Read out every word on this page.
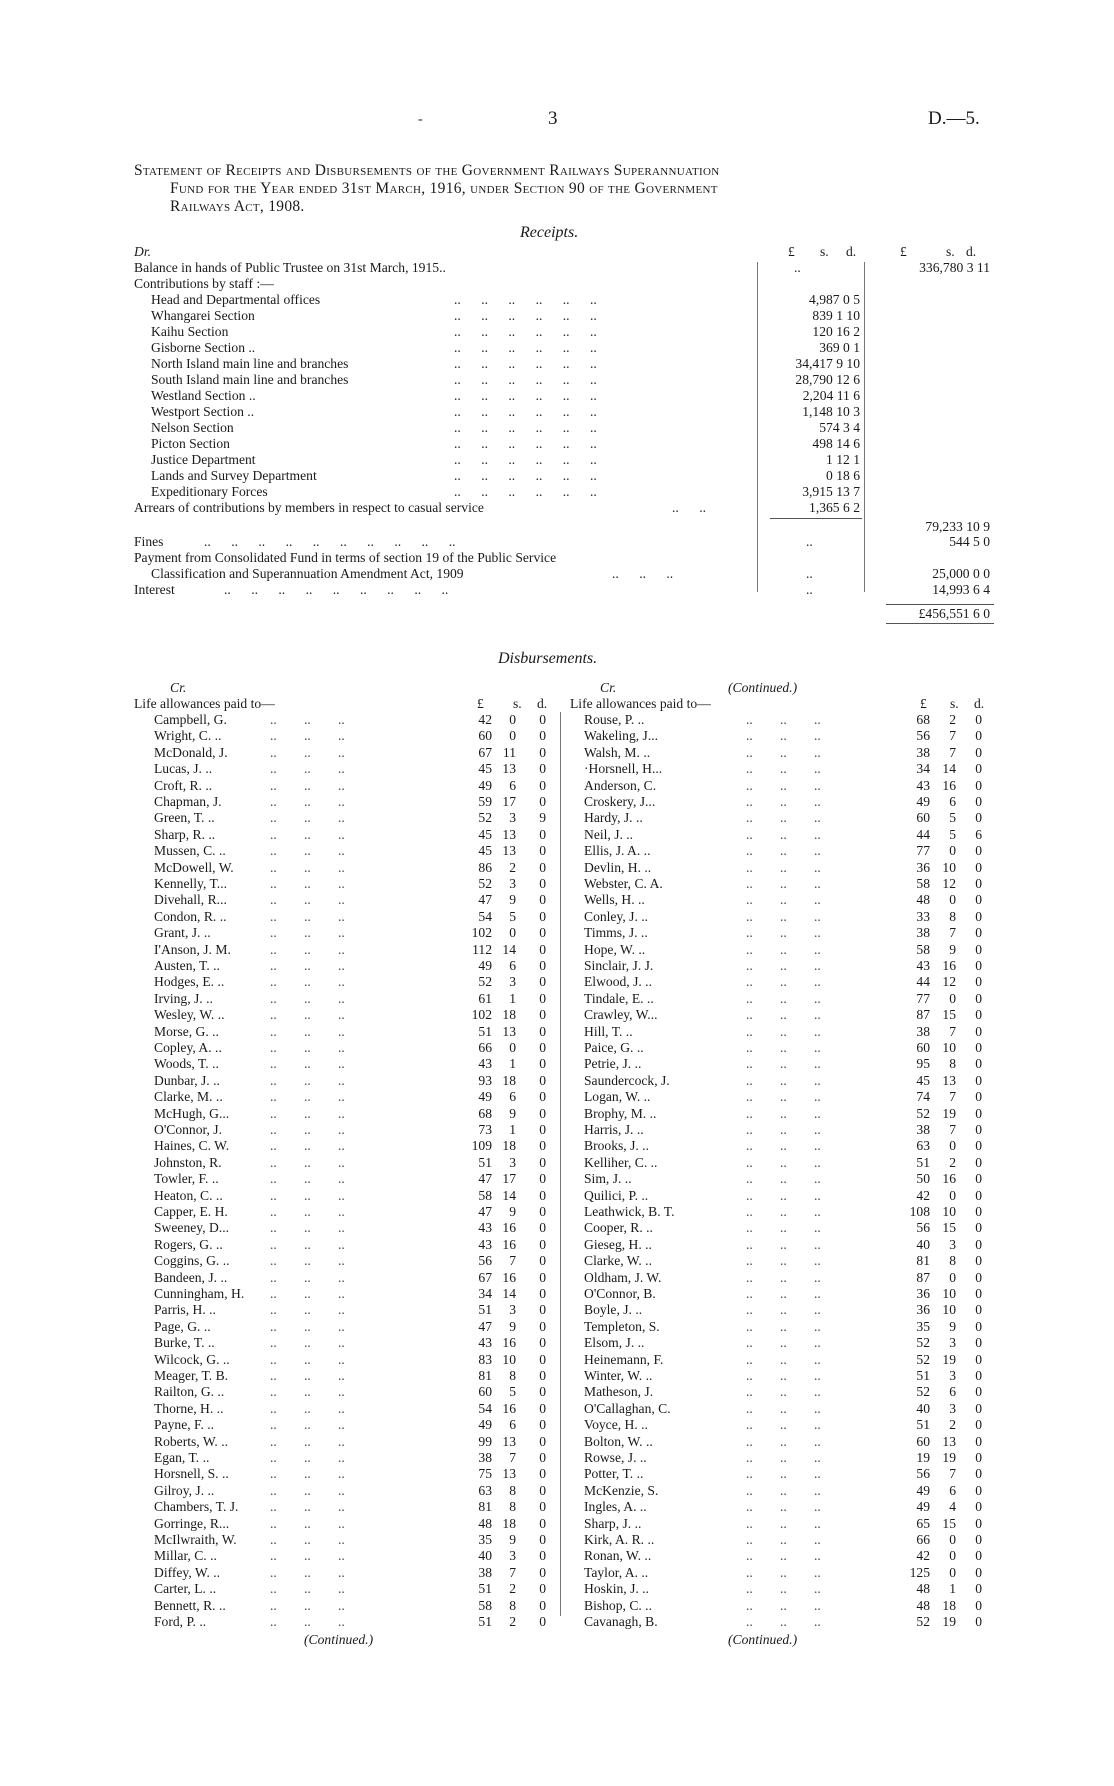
-	3	D.—5.
Statement of Receipts and Disbursements of the Government Railways Superannuation
Fund for the Year ended 31st March, 1916, under Section 90 of the Government
Railways Act, 1908.
Receipts.
Dr.	£ s. d.	£	s. d.
Balance in hands of Public Trustee on 31st March, 1915..	..	336,780 3 11
Contributions by staff :—
Head and Departmental offices	..      ..      ..      ..      ..      ..	4,987 0 5
Whangarei Section	..      ..      ..      ..      ..      ..	839 1 10
Kaihu Section	..      ..      ..      ..      ..      ..	120 16 2
Gisborne Section ..	..      ..      ..      ..      ..      ..	369 0 1
North Island main line and branches	..      ..      ..      ..      ..      ..	34,417 9 10
South Island main line and branches	..      ..      ..      ..      ..      ..	28,790 12 6
Westland Section ..	..      ..      ..      ..      ..      ..	2,204 11 6
Westport Section ..	..      ..      ..      ..      ..      ..	1,148 10 3
Nelson Section	..      ..      ..      ..      ..      ..	574 3 4
Picton Section	..      ..      ..      ..      ..      ..	498 14 6
Justice Department	..      ..      ..      ..      ..      ..	1 12 1
Lands and Survey Department	..      ..      ..      ..      ..      ..	0 18 6
Expeditionary Forces	..      ..      ..      ..      ..      ..	3,915 13 7
Arrears of contributions by members in respect to casual service	..      ..	1,365 6 2
79,233 10 9
Fines	..      ..      ..      ..      ..      ..      ..      ..      ..      ..	..	544 5 0
Payment from Consolidated Fund in terms of section 19 of the Public Service
Classification and Superannuation Amendment Act, 1909	..      ..      ..	..	25,000 0 0
Interest	..      ..      ..      ..      ..      ..      ..      ..      ..	..	14,993 6 4
£456,551 6 0
Disbursements.
Cr.
Life allowances paid to—	£ s. d.
Campbell, G.	..        ..        ..	42	0	0
Wright, C. ..	..        ..        ..	60	0	0
McDonald, J.	..        ..        ..	67 11	0
Lucas, J. ..	..        ..        ..	45 13	0
Croft, R. ..	..        ..        ..	49	6	0
Chapman, J.	..        ..        ..	59 17	0
Green, T. ..	..        ..        ..	52	3	9
Sharp, R. ..	..        ..        ..	45 13	0
Mussen, C. ..	..        ..        ..	45 13	0
McDowell, W.	..        ..        ..	86	2	0
Kennelly, T...	..        ..        ..	52	3	0
Divehall, R...	..        ..        ..	47	9	0
Condon, R. ..	..        ..        ..	54	5	0
Grant, J. ..	..        ..        ..	102	0	0
I'Anson, J. M.	..        ..        ..	112 14	0
Austen, T. ..	..        ..        ..	49	6	0
Hodges, E. ..	..        ..        ..	52	3	0
Irving, J. ..	..        ..        ..	61	1	0
Wesley, W. ..	..        ..        ..	102 18	0
Morse, G. ..	..        ..        ..	51 13	0
Copley, A. ..	..        ..        ..	66	0	0
Woods, T. ..	..        ..        ..	43	1	0
Dunbar, J. ..	..        ..        ..	93 18	0
Clarke, M. ..	..        ..        ..	49	6	0
McHugh, G...	..        ..        ..	68	9	0
O'Connor, J.	..        ..        ..	73	1	0
Haines, C. W.	..        ..        ..	109 18	0
Johnston, R.	..        ..        ..	51	3	0
Towler, F. ..	..        ..        ..	47 17	0
Heaton, C. ..	..        ..        ..	58 14	0
Capper, E. H.	..        ..        ..	47	9	0
Sweeney, D...	..        ..        ..	43 16	0
Rogers, G. ..	..        ..        ..	43 16	0
Coggins, G. ..	..        ..        ..	56	7	0
Bandeen, J. ..	..        ..        ..	67 16	0
Cunningham, H. ..        ..        ..	34 14	0
Parris, H. ..	..        ..        ..	51	3	0
Page, G. ..	..        ..        ..	47	9	0
Burke, T. ..	..        ..        ..	43 16	0
Wilcock, G. ..	..        ..        ..	83 10	0
Meager, T. B.	..        ..        ..	81	8	0
Railton, G. ..	..        ..        ..	60	5	0
Thorne, H. ..	..        ..        ..	54 16	0
Payne, F. ..	..        ..        ..	49	6	0
Roberts, W. ..	..        ..        ..	99 13	0
Egan, T. ..	..        ..        ..	38	7	0
Horsnell, S. ..	..        ..        ..	75 13	0
Gilroy, J. ..	..        ..        ..	63	8	0
Chambers, T. J. ..        ..        ..	81	8	0
Gorringe, R...	..        ..        ..	48 18	0
McIlwraith, W. ..        ..        ..	35	9	0
Millar, C. ..	..        ..        ..	40	3	0
Diffey, W. ..	..        ..        ..	38	7	0
Carter, L. ..	..        ..        ..	51	2	0
Bennett, R. ..	..        ..        ..	58	8	0
Ford, P. ..	..        ..        ..	51	2	0
(Continued.)
Cr.	(Continued.)
Life allowances paid to—	£ s. d.
Rouse, P. ..	..        ..        ..	68	2	0
Wakeling, J...	..        ..        ..	56	7	0
Walsh, M. ..	..        ..        ..	38	7	0
·Horsnell, H...	..        ..        ..	34 14	0
Anderson, C.	..        ..        ..	43 16	0
Croskery, J...	..        ..        ..	49	6	0
Hardy, J. ..	..        ..        ..	60	5	0
Neil, J. ..	..        ..        ..	44	5	6
Ellis, J. A. ..	..        ..        ..	77	0	0
Devlin, H. ..	..        ..        ..	36 10	0
Webster, C. A.	..        ..        ..	58 12	0
Wells, H. ..	..        ..        ..	48	0	0
Conley, J. ..	..        ..        ..	33	8	0
Timms, J. ..	..        ..        ..	38	7	0
Hope, W. ..	..        ..        ..	58	9	0
Sinclair, J. J.	..        ..        ..	43 16	0
Elwood, J. ..	..        ..        ..	44 12	0
Tindale, E. ..	..        ..        ..	77	0	0
Crawley, W...	..        ..        ..	87 15	0
Hill, T. ..	..        ..        ..	38	7	0
Paice, G. ..	..        ..        ..	60 10	0
Petrie, J. ..	..        ..        ..	95	8	0
Saundercock, J.	..        ..        ..	45 13	0
Logan, W. ..	..        ..        ..	74	7	0
Brophy, M. ..	..        ..        ..	52 19	0
Harris, J. ..	..        ..        ..	38	7	0
Brooks, J. ..	..        ..        ..	63	0	0
Kelliher, C. ..	..        ..        ..	51	2	0
Sim, J. ..	..        ..        ..	50 16	0
Quilici, P. ..	..        ..        ..	42	0	0
Leathwick, B. T.	..        ..        ..	108 10	0
Cooper, R. ..	..        ..        ..	56 15	0
Gieseg, H. ..	..        ..        ..	40	3	0
Clarke, W. ..	..        ..        ..	81	8	0
Oldham, J. W.	..        ..        ..	87	0	0
O'Connor, B.	..        ..        ..	36 10	0
Boyle, J. ..	..        ..        ..	36 10	0
Templeton, S.	..        ..        ..	35	9	0
Elsom, J. ..	..        ..        ..	52	3	0
Heinemann, F.	..        ..        ..	52 19	0
Winter, W. ..	..        ..        ..	51	3	0
Matheson, J.	..        ..        ..	52	6	0
O'Callaghan, C.	..        ..        ..	40	3	0
Voyce, H. ..	..        ..        ..	51	2	0
Bolton, W. ..	..        ..        ..	60 13	0
Rowse, J. ..	..        ..        ..	19 19	0
Potter, T. ..	..        ..        ..	56	7	0
McKenzie, S.	..        ..        ..	49	6	0
Ingles, A. ..	..        ..        ..	49	4	0
Sharp, J. ..	..        ..        ..	65 15	0
Kirk, A. R. ..	..        ..        ..	66	0	0
Ronan, W. ..	..        ..        ..	42	0	0
Taylor, A. ..	..        ..        ..	125	0	0
Hoskin, J. ..	..        ..        ..	48	1	0
Bishop, C. ..	..        ..        ..	48 18	0
Cavanagh, B.	..        ..        ..	52 19	0
(Continued.)
